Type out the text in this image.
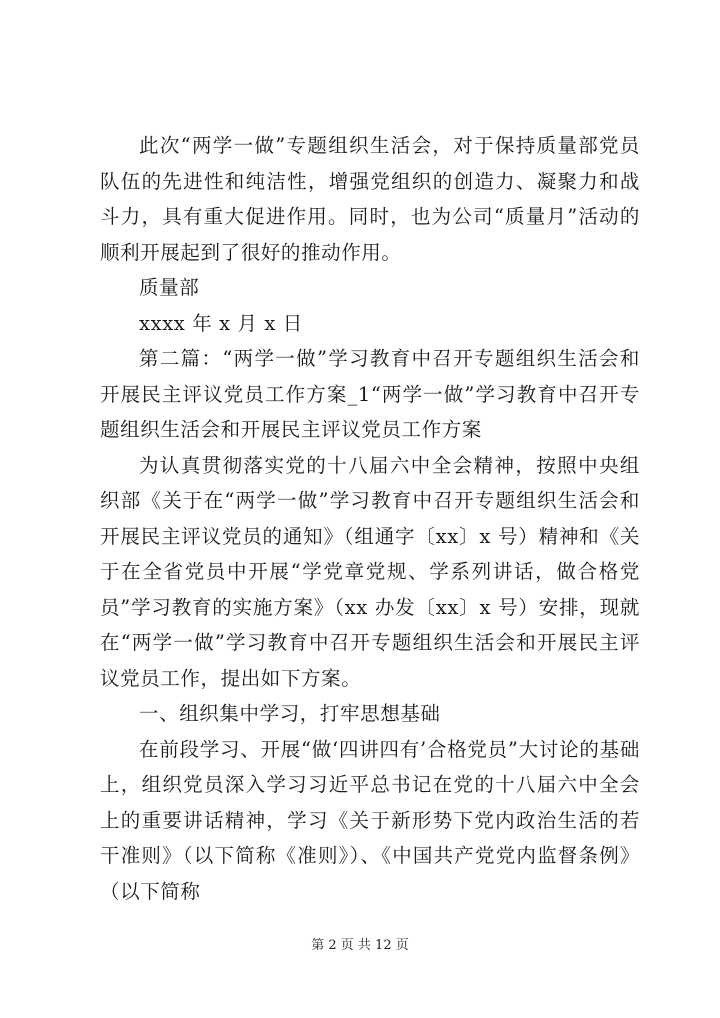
此次“两学一做”专题组织生活会，对于保持质量部党员队伍的先进性和纯洁性，增强党组织的创造力、凝聚力和战斗力，具有重大促进作用。同时，也为公司“质量月”活动的顺利开展起到了很好的推动作用。

质量部

xxxx 年 x 月 x 日

第二篇：“两学一做”学习教育中召开专题组织生活会和开展民主评议党员工作方案_1“两学一做”学习教育中召开专题组织生活会和开展民主评议党员工作方案

为认真贯彻落实党的十八届六中全会精神，按照中央组织部《关于在“两学一做”学习教育中召开专题组织生活会和开展民主评议党员的通知》（组通字〔xx〕x 号）精神和《关于在全省党员中开展“学党章党规、学系列讲话，做合格党员”学习教育的实施方案》（xx 办发〔xx〕x 号）安排，现就在“两学一做”学习教育中召开专题组织生活会和开展民主评议党员工作，提出如下方案。

一、组织集中学习，打牢思想基础

在前段学习、开展“做‘四讲四有’合格党员”大讨论的基础上，组织党员深入学习习近平总书记在党的十八届六中全会上的重要讲话精神，学习《关于新形势下党内政治生活的若干准则》（以下简称《准则》）、《中国共产党党内监督条例》（以下简称

第 2 页 共 12 页
